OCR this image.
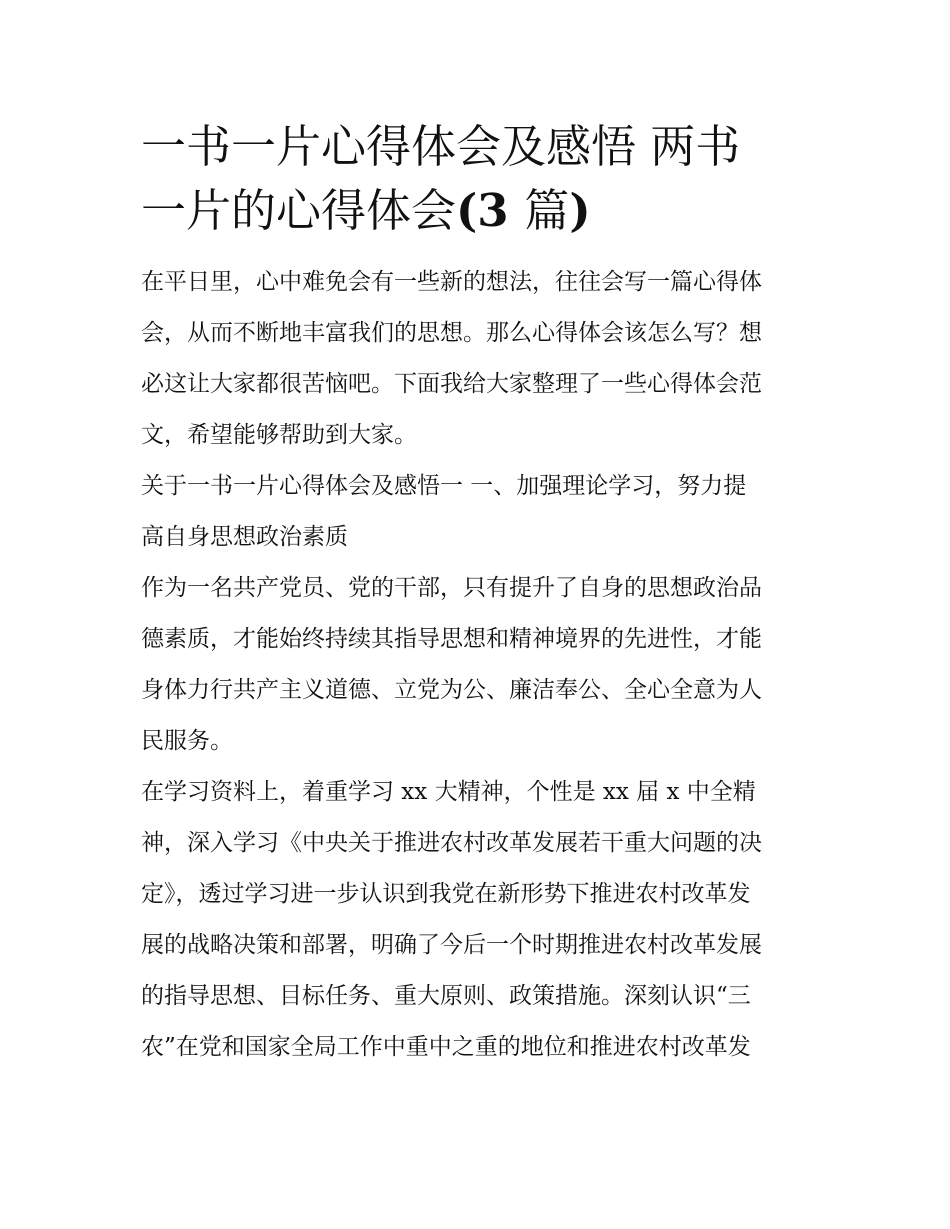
一书一片心得体会及感悟 两书
一片的心得体会(3 篇)
在平日里，心中难免会有一些新的想法，往往会写一篇心得体
会，从而不断地丰富我们的思想。那么心得体会该怎么写？想
必这让大家都很苦恼吧。下面我给大家整理了一些心得体会范
文，希望能够帮助到大家。
关于一书一片心得体会及感悟一 一、加强理论学习，努力提
高自身思想政治素质
作为一名共产党员、党的干部，只有提升了自身的思想政治品
德素质，才能始终持续其指导思想和精神境界的先进性，才能
身体力行共产主义道德、立党为公、廉洁奉公、全心全意为人
民服务。
在学习资料上，着重学习 xx 大精神，个性是 xx 届 x 中全精
神，深入学习《中央关于推进农村改革发展若干重大问题的决
定》，透过学习进一步认识到我党在新形势下推进农村改革发
展的战略决策和部署，明确了今后一个时期推进农村改革发展
的指导思想、目标任务、重大原则、政策措施。深刻认识“三
农”在党和国家全局工作中重中之重的地位和推进农村改革发
